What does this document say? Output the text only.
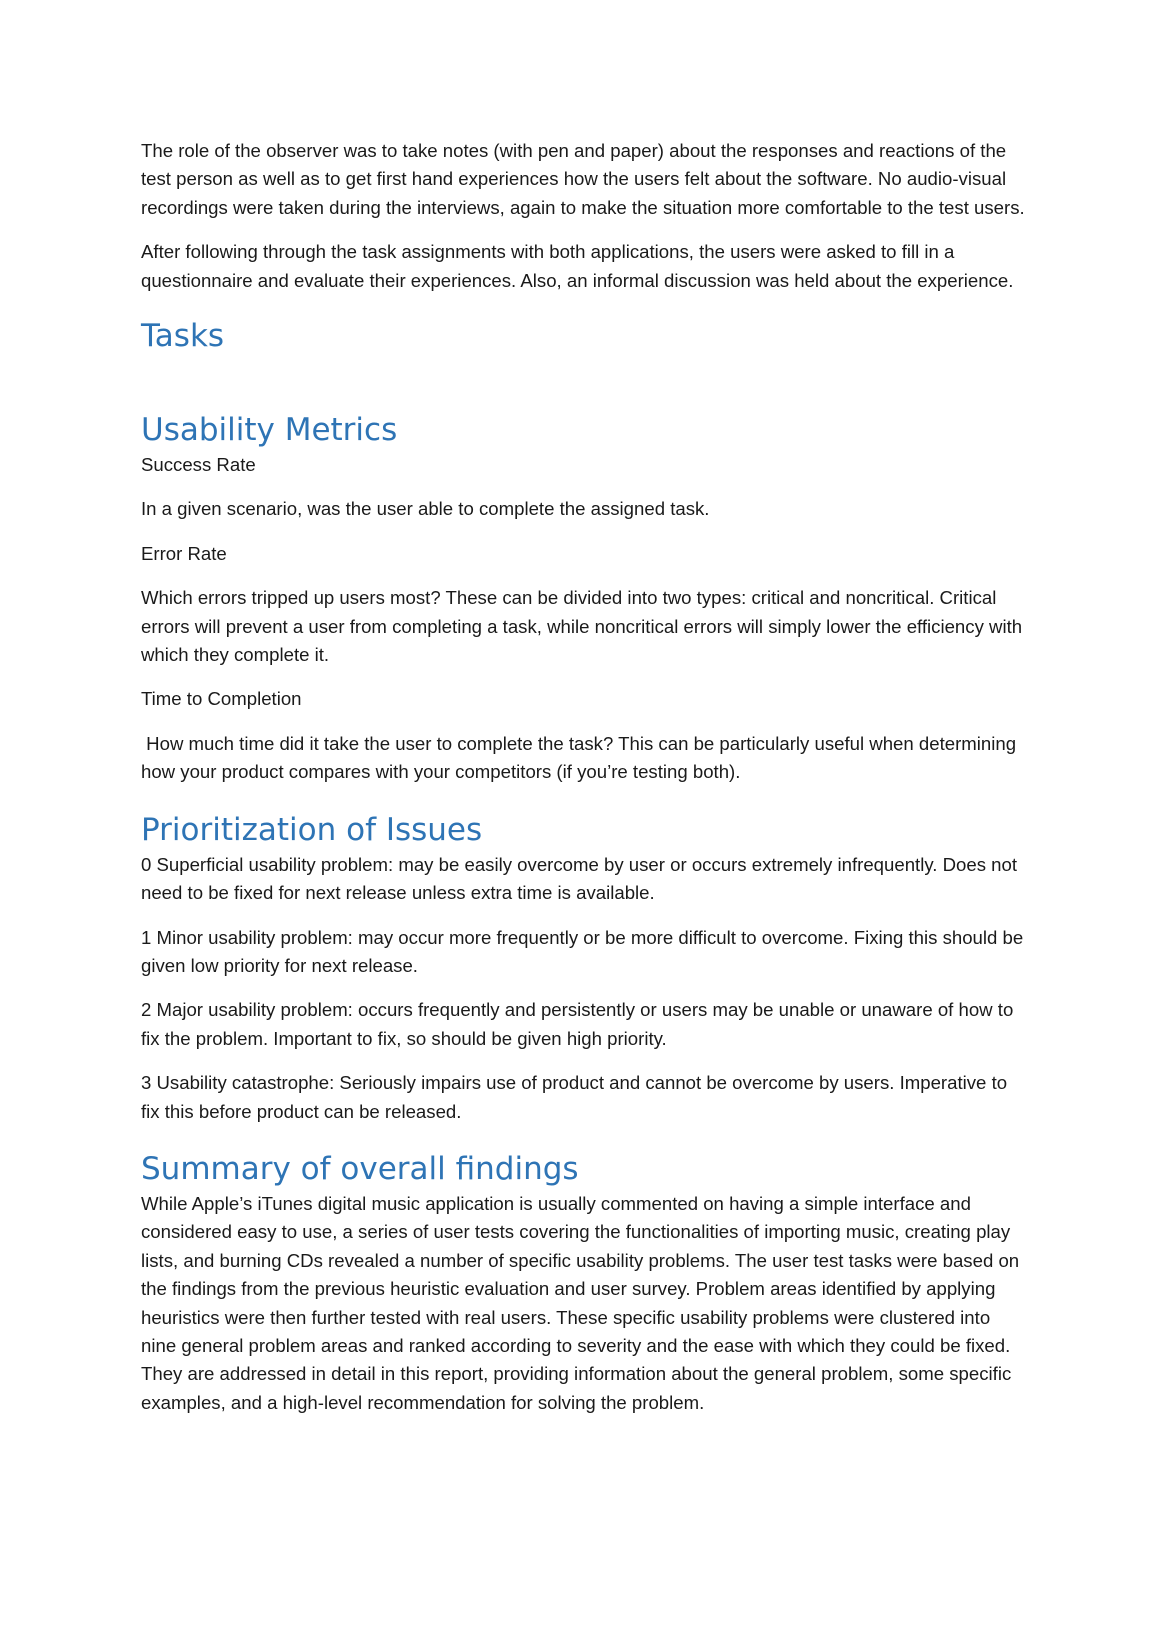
The role of the observer was to take notes (with pen and paper) about the responses and reactions of the test person as well as to get first hand experiences how the users felt about the software. No audio-visual recordings were taken during the interviews, again to make the situation more comfortable to the test users.

After following through the task assignments with both applications, the users were asked to fill in a questionnaire and evaluate their experiences. Also, an informal discussion was held about the experience.

Tasks
Usability Metrics

Success Rate

In a given scenario, was the user able to complete the assigned task.

Error Rate

Which errors tripped up users most? These can be divided into two types: critical and noncritical. Critical errors will prevent a user from completing a task, while noncritical errors will simply lower the efficiency with which they complete it.

Time to Completion

How much time did it take the user to complete the task? This can be particularly useful when determining how your product compares with your competitors (if you’re testing both).

Prioritization of Issues

0 Superficial usability problem: may be easily overcome by user or occurs extremely infrequently. Does not need to be fixed for next release unless extra time is available.

1 Minor usability problem: may occur more frequently or be more difficult to overcome. Fixing this should be given low priority for next release.

2 Major usability problem: occurs frequently and persistently or users may be unable or unaware of how to fix the problem. Important to fix, so should be given high priority.

3 Usability catastrophe: Seriously impairs use of product and cannot be overcome by users. Imperative to fix this before product can be released.

Summary of overall findings

While Apple’s iTunes digital music application is usually commented on having a simple interface and considered easy to use, a series of user tests covering the functionalities of importing music, creating play lists, and burning CDs revealed a number of specific usability problems. The user test tasks were based on the findings from the previous heuristic evaluation and user survey. Problem areas identified by applying heuristics were then further tested with real users. These specific usability problems were clustered into nine general problem areas and ranked according to severity and the ease with which they could be fixed. They are addressed in detail in this report, providing information about the general problem, some specific examples, and a high-level recommendation for solving the problem.
